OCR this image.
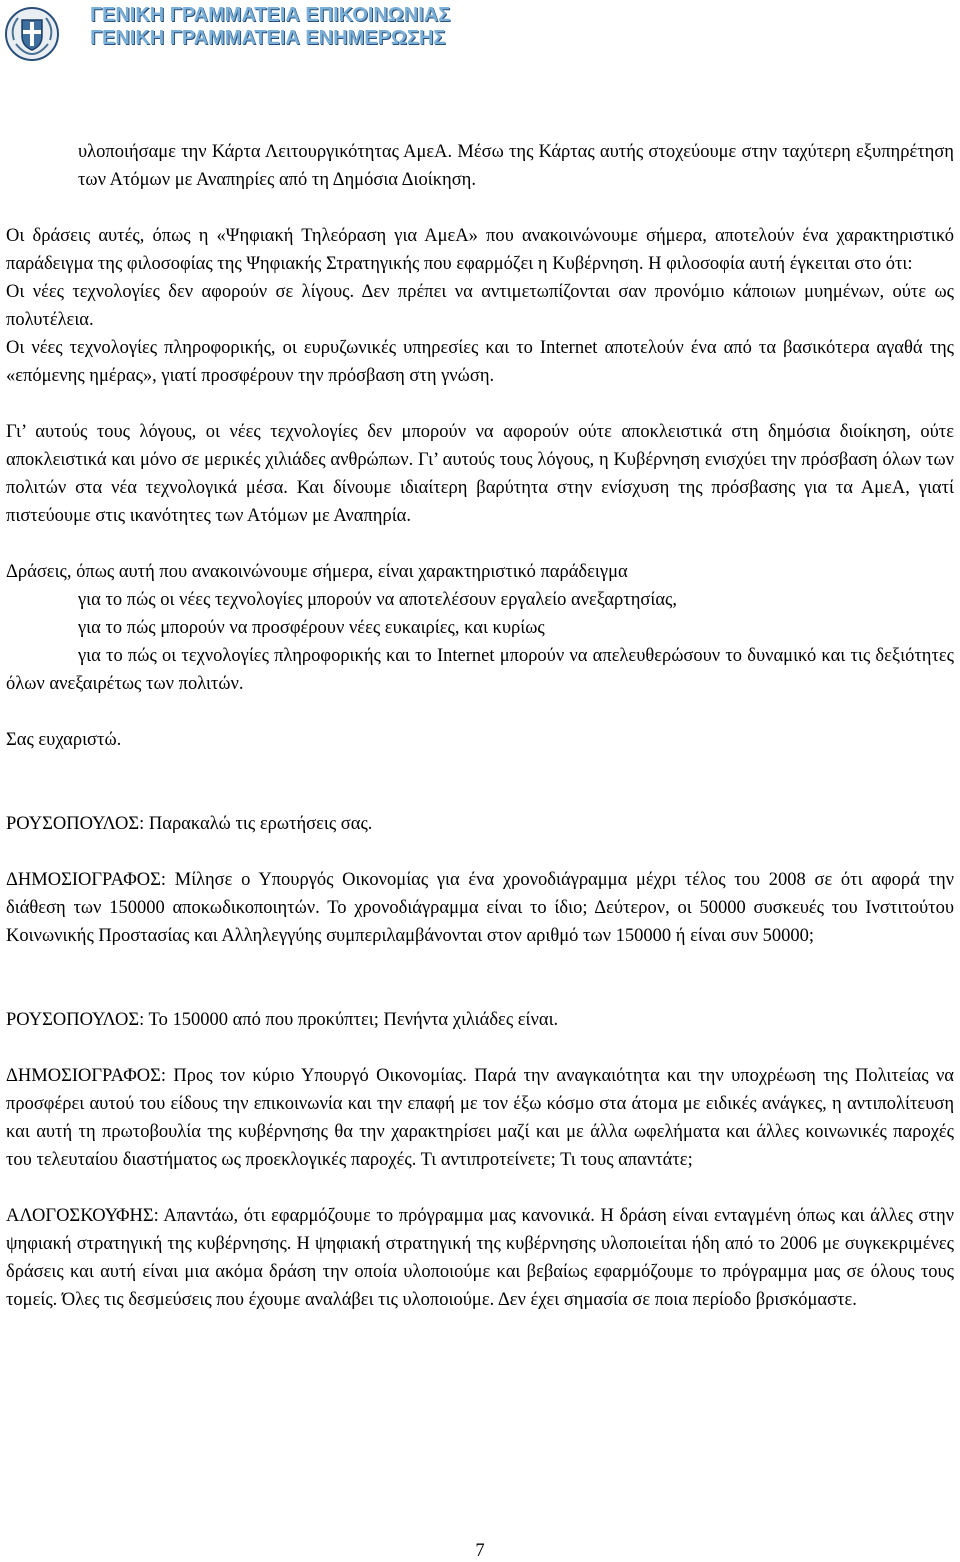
ΓΕΝΙΚΗ ΓΡΑΜΜΑΤΕΙΑ ΕΠΙΚΟΙΝΩΝΙΑΣ
ΓΕΝΙΚΗ ΓΡΑΜΜΑΤΕΙΑ ΕΝΗΜΕΡΩΣΗΣ

υλοποιήσαμε την Κάρτα Λειτουργικότητας ΑμεΑ. Μέσω της Κάρτας αυτής στοχεύουμε στην ταχύτερη εξυπηρέτηση των Ατόμων με Αναπηρίες από τη Δημόσια Διοίκηση.

Οι δράσεις αυτές, όπως η «Ψηφιακή Τηλεόραση για ΑμεΑ» που ανακοινώνουμε σήμερα, αποτελούν ένα χαρακτηριστικό παράδειγμα της φιλοσοφίας της Ψηφιακής Στρατηγικής που εφαρμόζει η Κυβέρνηση. Η φιλοσοφία αυτή έγκειται στο ότι:

Οι νέες τεχνολογίες δεν αφορούν σε λίγους. Δεν πρέπει να αντιμετωπίζονται σαν προνόμιο κάποιων μυημένων, ούτε ως πολυτέλεια.

Οι νέες τεχνολογίες πληροφορικής, οι ευρυζωνικές υπηρεσίες και το Internet αποτελούν ένα από τα βασικότερα αγαθά της «επόμενης ημέρας», γιατί προσφέρουν την πρόσβαση στη γνώση.

Γι’ αυτούς τους λόγους, οι νέες τεχνολογίες δεν μπορούν να αφορούν ούτε αποκλειστικά στη δημόσια διοίκηση, ούτε αποκλειστικά και μόνο σε μερικές χιλιάδες ανθρώπων. Γι’ αυτούς τους λόγους, η Κυβέρνηση ενισχύει την πρόσβαση όλων των πολιτών στα νέα τεχνολογικά μέσα. Και δίνουμε ιδιαίτερη βαρύτητα στην ενίσχυση της πρόσβασης για τα ΑμεΑ, γιατί πιστεύουμε στις ικανότητες των Ατόμων με Αναπηρία.

Δράσεις, όπως αυτή που ανακοινώνουμε σήμερα, είναι χαρακτηριστικό παράδειγμα

για το πώς οι νέες τεχνολογίες μπορούν να αποτελέσουν εργαλείο ανεξαρτησίας,

για το πώς μπορούν να προσφέρουν νέες ευκαιρίες, και κυρίως

για το πώς οι τεχνολογίες πληροφορικής και το Internet μπορούν να απελευθερώσουν το δυναμικό και τις δεξιότητες όλων ανεξαιρέτως των πολιτών.

Σας ευχαριστώ.

ΡΟΥΣΟΠΟΥΛΟΣ: Παρακαλώ τις ερωτήσεις σας.

ΔΗΜΟΣΙΟΓΡΑΦΟΣ: Μίλησε ο Υπουργός Οικονομίας για ένα χρονοδιάγραμμα μέχρι τέλος του 2008 σε ότι αφορά την διάθεση των 150000 αποκωδικοποιητών. Το χρονοδιάγραμμα είναι το ίδιο; Δεύτερον, οι 50000 συσκευές του Ινστιτούτου Κοινωνικής Προστασίας και Αλληλεγγύης συμπεριλαμβάνονται στον αριθμό των 150000 ή είναι συν 50000;

ΡΟΥΣΟΠΟΥΛΟΣ: Το 150000 από που προκύπτει; Πενήντα χιλιάδες είναι.

ΔΗΜΟΣΙΟΓΡΑΦΟΣ: Προς τον κύριο Υπουργό Οικονομίας. Παρά την αναγκαιότητα και την υποχρέωση της Πολιτείας να προσφέρει αυτού του είδους την επικοινωνία και την επαφή με τον έξω κόσμο στα άτομα με ειδικές ανάγκες, η αντιπολίτευση και αυτή τη πρωτοβουλία της κυβέρνησης θα την χαρακτηρίσει μαζί και με άλλα ωφελήματα και άλλες κοινωνικές παροχές του τελευταίου διαστήματος ως προεκλογικές παροχές. Τι αντιπροτείνετε; Τι τους απαντάτε;

ΑΛΟΓΟΣΚΟΥΦΗΣ: Απαντάω, ότι εφαρμόζουμε το πρόγραμμα μας κανονικά. Η δράση είναι ενταγμένη όπως και άλλες στην ψηφιακή στρατηγική της κυβέρνησης. Η ψηφιακή στρατηγική της κυβέρνησης υλοποιείται ήδη από το 2006 με συγκεκριμένες δράσεις και αυτή είναι μια ακόμα δράση την οποία υλοποιούμε και βεβαίως εφαρμόζουμε το πρόγραμμα μας σε όλους τους τομείς. Όλες τις δεσμεύσεις που έχουμε αναλάβει τις υλοποιούμε. Δεν έχει σημασία σε ποια περίοδο βρισκόμαστε.

7
